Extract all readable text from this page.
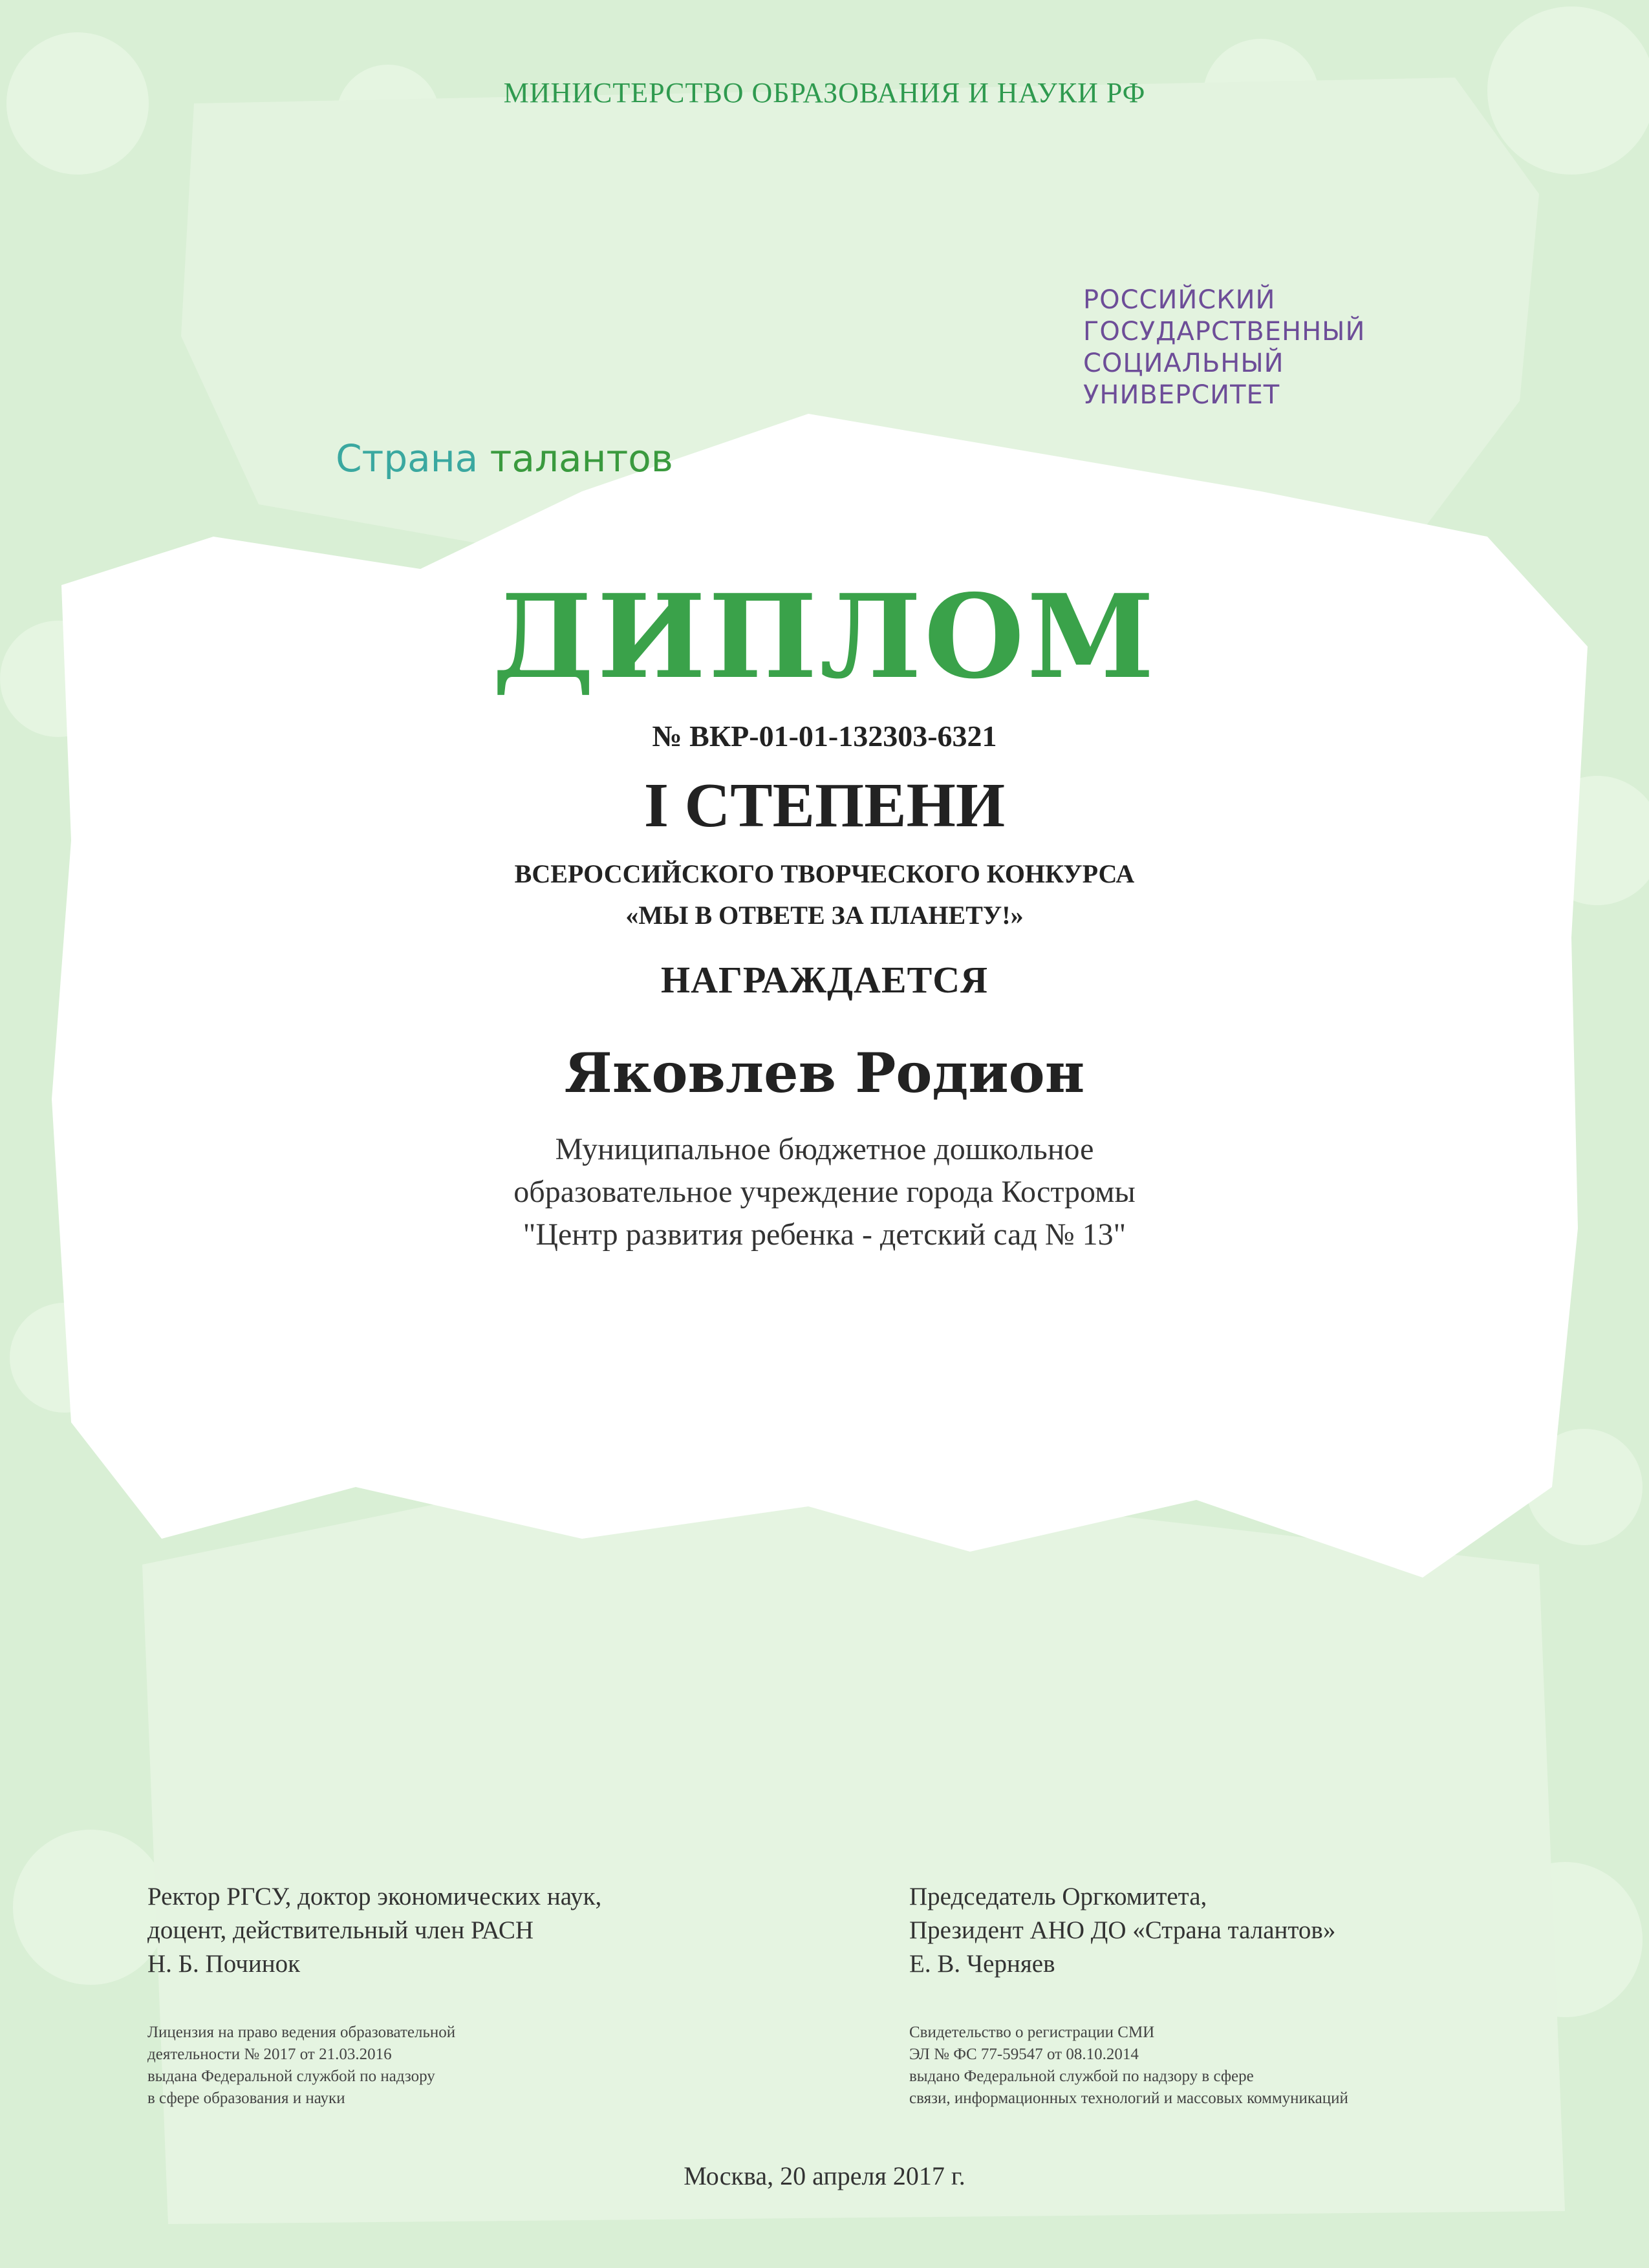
МИНИСТЕРСТВО ОБРАЗОВАНИЯ И НАУКИ РФ

Страна талантов

РОССИЙСКИЙ
ГОСУДАРСТВЕННЫЙ
СОЦИАЛЬНЫЙ
УНИВЕРСИТЕТ
ДИПЛОМ
№ ВКР-01-01-132303-6321
I СТЕПЕНИ
ВСЕРОССИЙСКОГО ТВОРЧЕСКОГО КОНКУРСА
«МЫ В ОТВЕТЕ ЗА ПЛАНЕТУ!»
НАГРАЖДАЕТСЯ
Яковлев Родион
Муниципальное бюджетное дошкольное
образовательное учреждение города Костромы
"Центр развития ребенка - детский сад № 13"

Ректор РГСУ, доктор экономических наук,
доцент, действительный член РАСН
Н. Б. Починок
Лицензия на право ведения образовательной
деятельности № 2017 от 21.03.2016
выдана Федеральной службой по надзору
в сфере образования и науки
Председатель Оргкомитета,
Президент АНО ДО «Страна талантов»
Е. В. Черняев
Свидетельство о регистрации СМИ
ЭЛ № ФС 77-59547 от 08.10.2014
выдано Федеральной службой по надзору в сфере
связи, информационных технологий и массовых коммуникаций
Москва, 20 апреля 2017 г.
